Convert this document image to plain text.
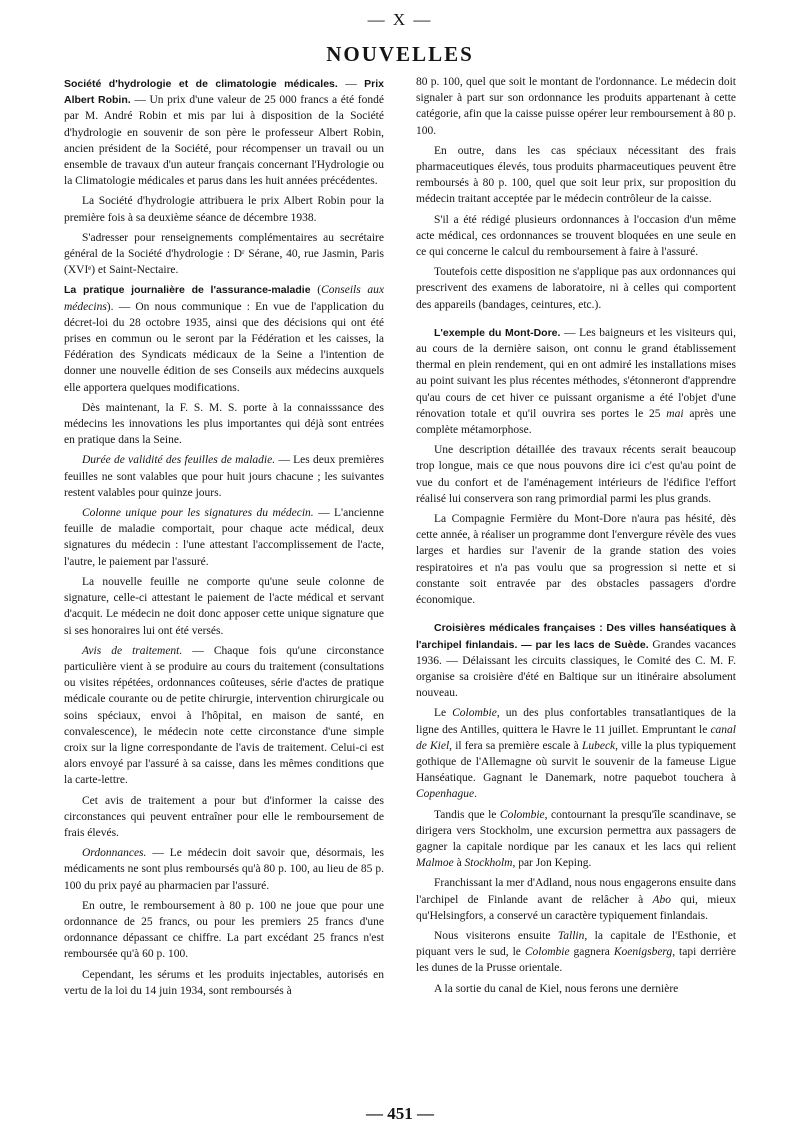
— X —
NOUVELLES

Société d'hydrologie et de climatologie médicales. — Prix Albert Robin. — Un prix d'une valeur de 25 000 francs a été fondé par M. André Robin et mis par lui à disposition de la Société d'hydrologie en souvenir de son père le professeur Albert Robin, ancien président de la Société, pour récompenser un travail ou un ensemble de travaux d'un auteur français concernant l'Hydrologie ou la Climatologie médicales et parus dans les huit années précédentes.

La Société d'hydrologie attribuera le prix Albert Robin pour la première fois à sa deuxième séance de décembre 1938.

S'adresser pour renseignements complémentaires au secrétaire général de la Société d'hydrologie : Dʳ Sérane, 40, rue Jasmin, Paris (XVIᵉ) et Saint-Nectaire.

La pratique journalière de l'assurance-maladie (Conseils aux médecins). — On nous communique : En vue de l'application du décret-loi du 28 octobre 1935, ainsi que des décisions qui ont été prises en commun ou le seront par la Fédération et les caisses, la Fédération des Syndicats médicaux de la Seine a l'intention de donner une nouvelle édition de ses Conseils aux médecins auxquels elle apportera quelques modifications.

Dès maintenant, la F. S. M. S. porte à la connaisssance des médecins les innovations les plus importantes qui déjà sont entrées en pratique dans la Seine.

Durée de validité des feuilles de maladie. — Les deux premières feuilles ne sont valables que pour huit jours chacune ; les suivantes restent valables pour quinze jours.

Colonne unique pour les signatures du médecin. — L'ancienne feuille de maladie comportait, pour chaque acte médical, deux signatures du médecin : l'une attestant l'accomplissement de l'acte, l'autre, le paiement par l'assuré.

La nouvelle feuille ne comporte qu'une seule colonne de signature, celle-ci attestant le paiement de l'acte médical et servant d'acquit. Le médecin ne doit donc apposer cette unique signature que si ses honoraires lui ont été versés.

Avis de traitement. — Chaque fois qu'une circonstance particulière vient à se produire au cours du traitement (consultations ou visites répétées, ordonnances coûteuses, série d'actes de pratique médicale courante ou de petite chirurgie, intervention chirurgicale ou soins spéciaux, envoi à l'hôpital, en maison de santé, en convalescence), le médecin note cette circonstance d'une simple croix sur la ligne correspondante de l'avis de traitement. Celui-ci est alors envoyé par l'assuré à sa caisse, dans les mêmes conditions que la carte-lettre.

Cet avis de traitement a pour but d'informer la caisse des circonstances qui peuvent entraîner pour elle le remboursement de frais élevés.

Ordonnances. — Le médecin doit savoir que, désormais, les médicaments ne sont plus remboursés qu'à 80 p. 100, au lieu de 85 p. 100 du prix payé au pharmacien par l'assuré.

En outre, le remboursement à 80 p. 100 ne joue que pour une ordonnance de 25 francs, ou pour les premiers 25 francs d'une ordonnance dépassant ce chiffre. La part excédant 25 francs n'est remboursée qu'à 60 p. 100.

Cependant, les sérums et les produits injectables, autorisés en vertu de la loi du 14 juin 1934, sont remboursés à

80 p. 100, quel que soit le montant de l'ordonnance. Le médecin doit signaler à part sur son ordonnance les produits appartenant à cette catégorie, afin que la caisse puisse opérer leur remboursement à 80 p. 100.

En outre, dans les cas spéciaux nécessitant des frais pharmaceutiques élevés, tous produits pharmaceutiques peuvent être remboursés à 80 p. 100, quel que soit leur prix, sur proposition du médecin traitant acceptée par le médecin contrôleur de la caisse.

S'il a été rédigé plusieurs ordonnances à l'occasion d'un même acte médical, ces ordonnances se trouvent bloquées en une seule en ce qui concerne le calcul du remboursement à faire à l'assuré.

Toutefois cette disposition ne s'applique pas aux ordonnances qui prescrivent des examens de laboratoire, ni à celles qui comportent des appareils (bandages, ceintures, etc.).

L'exemple du Mont-Dore. — Les baigneurs et les visiteurs qui, au cours de la dernière saison, ont connu le grand établissement thermal en plein rendement, qui en ont admiré les installations mises au point suivant les plus récentes méthodes, s'étonneront d'apprendre qu'au cours de cet hiver ce puissant organisme a été l'objet d'une rénovation totale et qu'il ouvrira ses portes le 25 mai après une complète métamorphose.

Une description détaillée des travaux récents serait beaucoup trop longue, mais ce que nous pouvons dire ici c'est qu'au point de vue du confort et de l'aménagement intérieurs de l'édifice l'effort réalisé lui conservera son rang primordial parmi les plus grands.

La Compagnie Fermière du Mont-Dore n'aura pas hésité, dès cette année, à réaliser un programme dont l'envergure révèle des vues larges et hardies sur l'avenir de la grande station des voies respiratoires et n'a pas voulu que sa progression si nette et si constante soit entravée par des obstacles passagers d'ordre économique.

Croisières médicales françaises : Des villes hanséatiques à l'archipel finlandais. — par les lacs de Suède. Grandes vacances 1936. — Délaissant les circuits classiques, le Comité des C. M. F. organise sa croisière d'été en Baltique sur un itinéraire absolument nouveau.

Le Colombie, un des plus confortables transatlantiques de la ligne des Antilles, quittera le Havre le 11 juillet. Empruntant le canal de Kiel, il fera sa première escale à Lubeck, ville la plus typiquement gothique de l'Allemagne où survit le souvenir de la fameuse Ligue Hanséatique. Gagnant le Danemark, notre paquebot touchera à Copenhague.

Tandis que le Colombie, contournant la presqu'île scandinave, se dirigera vers Stockholm, une excursion permettra aux passagers de gagner la capitale nordique par les canaux et les lacs qui relient Malmoe à Stockholm, par Jon Keping.

Franchissant la mer d'Adland, nous nous engagerons ensuite dans l'archipel de Finlande avant de relâcher à Abo qui, mieux qu'Helsingfors, a conservé un caractère typiquement finlandais.

Nous visiterons ensuite Tallin, la capitale de l'Esthonie, et piquant vers le sud, le Colombie gagnera Koenigsberg, tapi derrière les dunes de la Prusse orientale.

A la sortie du canal de Kiel, nous ferons une dernière

— 451 —
